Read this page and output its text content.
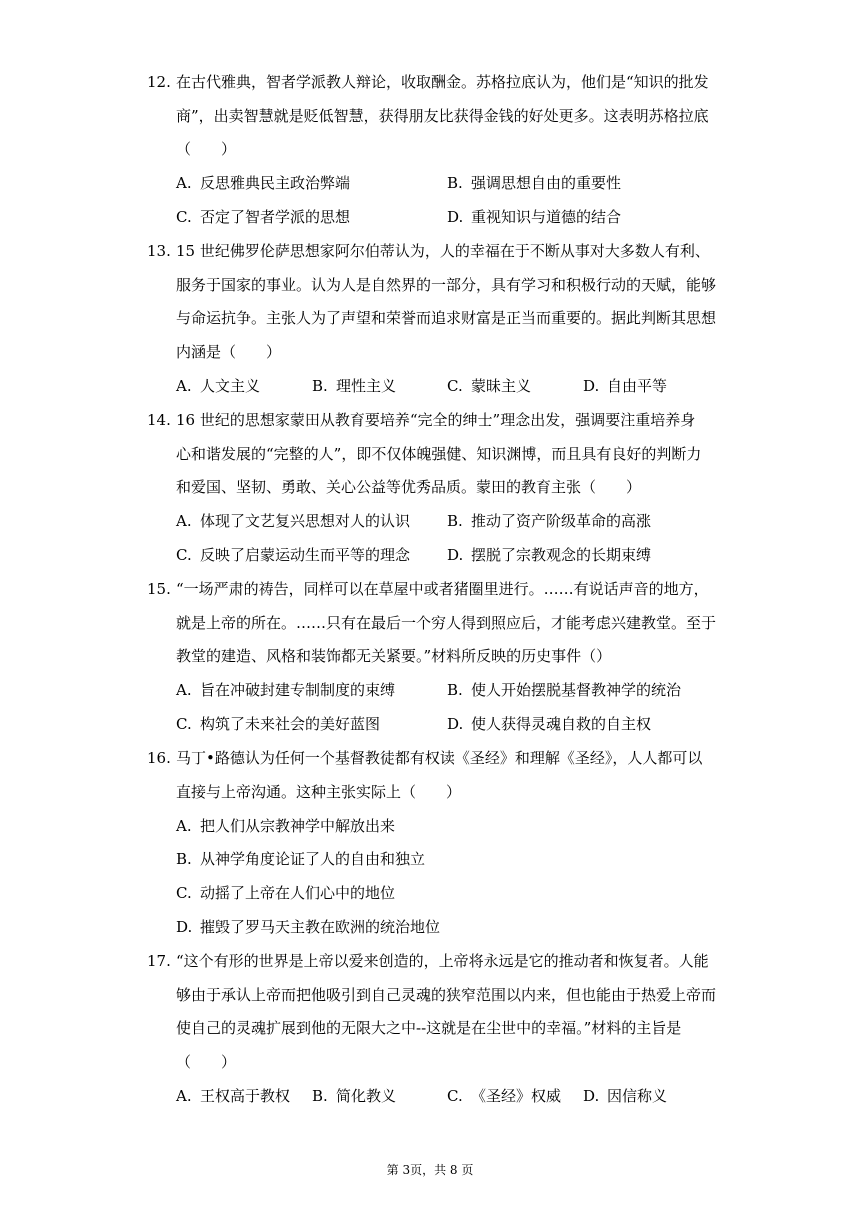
12. 在古代雅典，智者学派教人辩论，收取酬金。苏格拉底认为，他们是“知识的批发
商”，出卖智慧就是贬低智慧，获得朋友比获得金钱的好处更多。这表明苏格拉底
（　　）
A. 反思雅典民主政治弊端	B. 强调思想自由的重要性
C. 否定了智者学派的思想	D. 重视知识与道德的结合
13. 15 世纪佛罗伦萨思想家阿尔伯蒂认为，人的幸福在于不断从事对大多数人有利、
服务于国家的事业。认为人是自然界的一部分，具有学习和积极行动的天赋，能够
与命运抗争。主张人为了声望和荣誉而追求财富是正当而重要的。据此判断其思想
内涵是（　　）
A. 人文主义	B. 理性主义	C. 蒙昧主义	D. 自由平等
14. 16 世纪的思想家蒙田从教育要培养“完全的绅士”理念出发，强调要注重培养身
心和谐发展的“完整的人”，即不仅体魄强健、知识渊博，而且具有良好的判断力
和爱国、坚韧、勇敢、关心公益等优秀品质。蒙田的教育主张（　　）
A. 体现了文艺复兴思想对人的认识 B. 推动了资产阶级革命的高涨
C. 反映了启蒙运动生而平等的理念 D. 摆脱了宗教观念的长期束缚
15. “一场严肃的祷告，同样可以在草屋中或者猪圈里进行。……有说话声音的地方，
就是上帝的所在。……只有在最后一个穷人得到照应后，才能考虑兴建教堂。至于
教堂的建造、风格和装饰都无关紧要。”材料所反映的历史事件（）
A. 旨在冲破封建专制制度的束缚	B. 使人开始摆脱基督教神学的统治
C. 构筑了未来社会的美好蓝图	D. 使人获得灵魂自救的自主权
16. 马丁•路德认为任何一个基督教徒都有权读《圣经》和理解《圣经》，人人都可以
直接与上帝沟通。这种主张实际上（　　）
A. 把人们从宗教神学中解放出来
B. 从神学角度论证了人的自由和独立
C. 动摇了上帝在人们心中的地位
D. 摧毁了罗马天主教在欧洲的统治地位
17. “这个有形的世界是上帝以爱来创造的，上帝将永远是它的推动者和恢复者。人能
够由于承认上帝而把他吸引到自己灵魂的狭窄范围以内来，但也能由于热爱上帝而
使自己的灵魂扩展到他的无限大之中--这就是在尘世中的幸福。”材料的主旨是
（　　）
A. 王权高于教权 B. 简化教义	C. 《圣经》权威 D. 因信称义
第 3页，共 8 页
